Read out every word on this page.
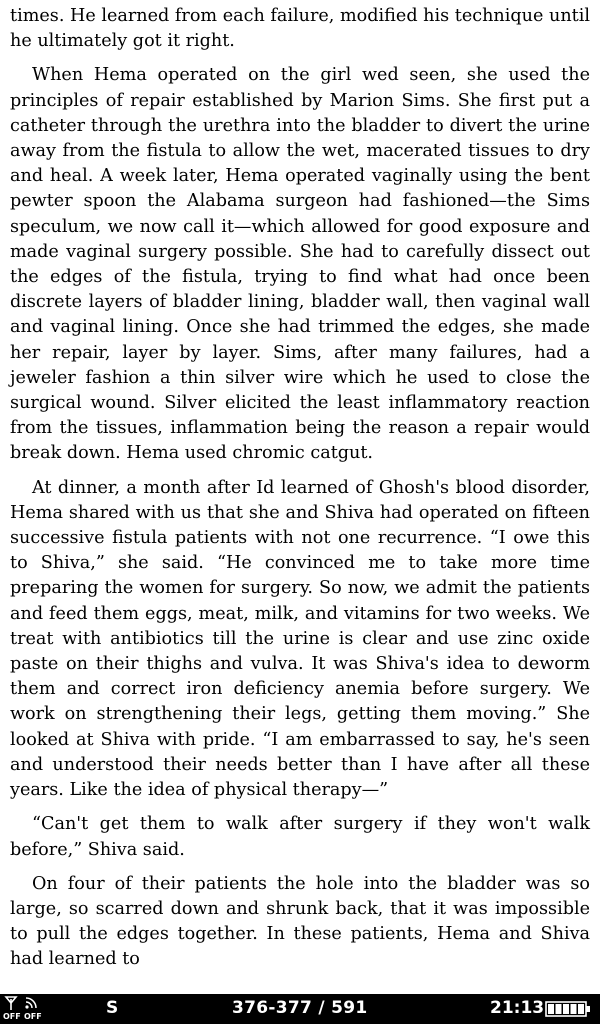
times. He learned from each failure, modified his technique until he ultimately got it right.

When Hema operated on the girl wed seen, she used the principles of repair established by Marion Sims. She first put a catheter through the urethra into the bladder to divert the urine away from the fistula to allow the wet, macerated tissues to dry and heal. A week later, Hema operated vaginally using the bent pewter spoon the Alabama surgeon had fashioned—the Sims speculum, we now call it—which allowed for good exposure and made vaginal surgery possible. She had to carefully dissect out the edges of the fistula, trying to find what had once been discrete layers of bladder lining, bladder wall, then vaginal wall and vaginal lining. Once she had trimmed the edges, she made her repair, layer by layer. Sims, after many failures, had a jeweler fashion a thin silver wire which he used to close the surgical wound. Silver elicited the least inflammatory reaction from the tissues, inflammation being the reason a repair would break down. Hema used chromic catgut.

At dinner, a month after Id learned of Ghosh's blood disorder, Hema shared with us that she and Shiva had operated on fifteen successive fistula patients with not one recurrence. “I owe this to Shiva,” she said. “He convinced me to take more time preparing the women for surgery. So now, we admit the patients and feed them eggs, meat, milk, and vitamins for two weeks. We treat with antibiotics till the urine is clear and use zinc oxide paste on their thighs and vulva. It was Shiva's idea to deworm them and correct iron deficiency anemia before surgery. We work on strengthening their legs, getting them moving.” She looked at Shiva with pride. “I am embarrassed to say, he's seen and understood their needs better than I have after all these years. Like the idea of physical therapy—”

“Can't get them to walk after surgery if they won't walk before,” Shiva said.

On four of their patients the hole into the bladder was so large, so scarred down and shrunk back, that it was impossible to pull the edges together. In these patients, Hema and Shiva had learned to

OFF OFF	S	376-377 / 591	21:13
